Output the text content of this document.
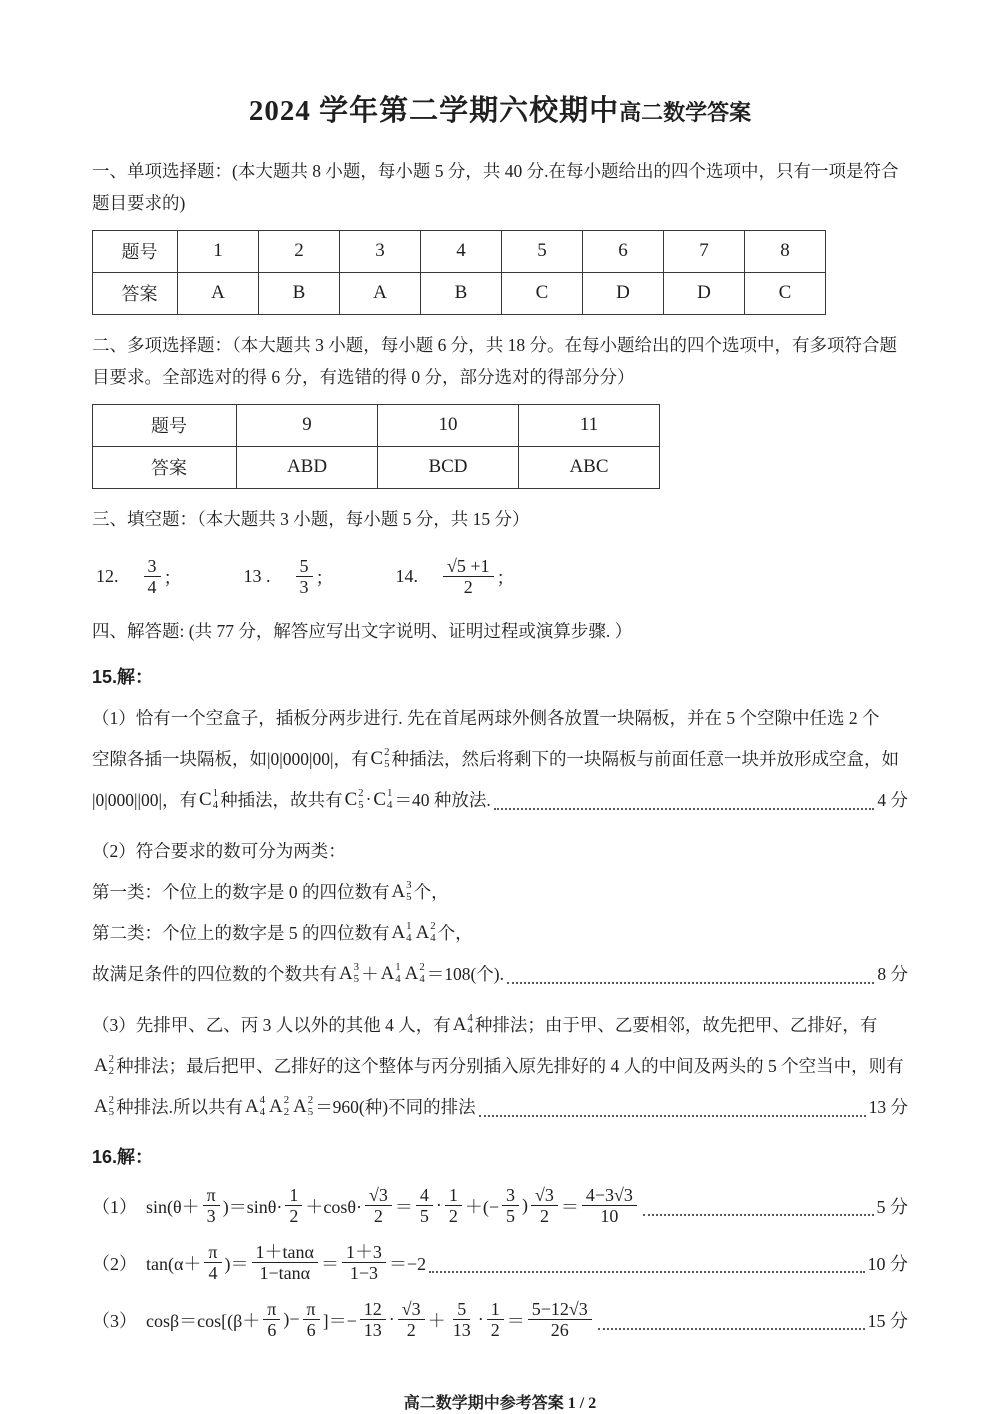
2024 学年第二学期六校期中高二数学答案

一、单项选择题：(本大题共 8 小题，每小题 5 分，共 40 分.在每小题给出的四个选项中，只有一项是符合题目要求的)

题号	1	2	3	4	5	6	7	8
答案	A	B	A	B	C	D	D	C

二、多项选择题：（本大题共 3 小题，每小题 6 分，共 18 分。在每小题给出的四个选项中，有多项符合题目要求。全部选对的得 6 分，有选错的得 0 分，部分选对的得部分分）

题号	9	10	11
答案	ABD	BCD	ABC

三、填空题：（本大题共 3 小题，每小题 5 分，共 15 分）

12. $\frac{3}{4}$ ；	13 . $\frac{5}{3}$ ；	14. $\frac{√5 +1}{2}$ ；

四、解答题: (共 77 分，解答应写出文字说明、证明过程或演算步骤. ）

15.解：
（1）恰有一个空盒子，插板分两步进行. 先在首尾两球外侧各放置一块隔板，并在 5 个空隙中任选 2 个
空隙各插一块隔板，如|0|000|00|，有 C 2
5 种插法，然后将剩下的一块隔板与前面任意一块并放形成空盒，如
|0|000||00|，有 C 1
4 种插法，故共有 C 2
5 · C 1
4 ＝40 种放法.	4 分
（2）符合要求的数可分为两类：
第一类：个位上的数字是 0 的四位数有 A 3
5 个，
第二类：个位上的数字是 5 的四位数有 A 1
4 A 2
4 个，
故满足条件的四位数的个数共有 A 3
5 ＋ A 1
4 A 2
4 ＝108(个).	8 分
（3）先排甲、乙、丙 3 人以外的其他 4 人，有 A 4
4 种排法；由于甲、乙要相邻，故先把甲、乙排好，有
A 2
2 种排法；最后把甲、乙排好的这个整体与丙分别插入原先排好的 4 人的中间及两头的 5 个空当中，则有
A 2
5 种排法.所以共有 A 4
4 A 2
2 A 2
5 ＝960(种)不同的排法	13 分
16.解：
（1）　$\sin(\theta+ \frac{\pi}{3} )=\sin\theta\cdot \frac{1}{2} +\cos\theta\cdot \frac{√3}{2} = \frac{4}{5} \cdot \frac{1}{2}$ ＋(− $\frac{3}{5}$ ) $\frac{√3}{2} = \frac{4-3√3}{10}$	5 分
（2）　$\tan(\alpha+ \frac{\pi}{4}$ )＝ $\frac{1+\tan\alpha}{1-\tan\alpha} = \frac{1+3}{1-3} =-2$	10 分
（3）　$\cos\beta=\cos[(\beta+ \frac{\pi}{6}$ )− $\frac{\pi}{6}$ ]＝− $\frac{12}{13} \cdot \frac{√3}{2} + \frac{5}{13} \cdot \frac{1}{2} = \frac{5-12√3}{26}$	15 分
高二数学期中参考答案 1 / 2
